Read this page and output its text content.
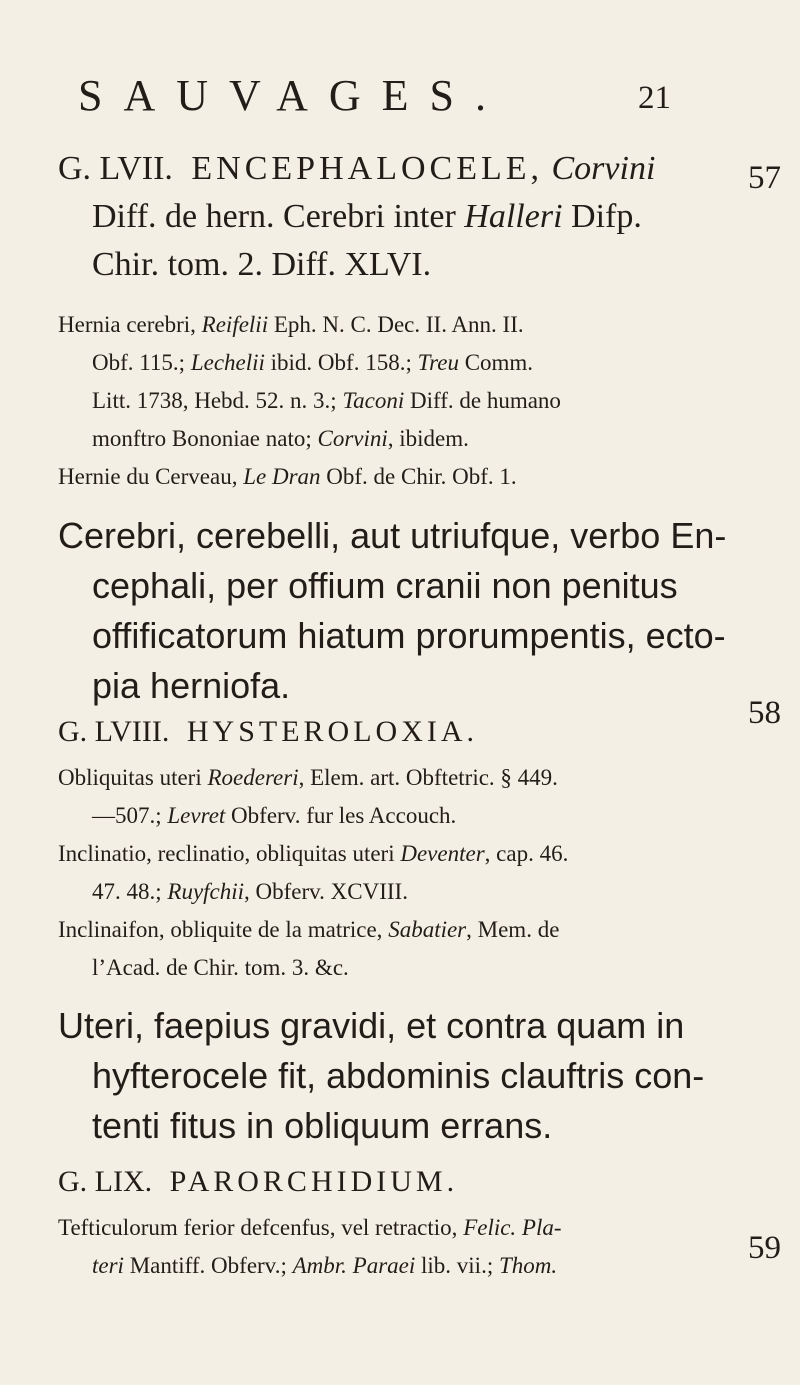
SAUVAGES.	21
57
58
59
G. LVII. ENCEPHALOCELE, Corvini
Diff. de hern. Cerebri inter Halleri Difp.
Chir. tom. 2. Diff. XLVI.
Hernia cerebri, Reifelii Eph. N. C. Dec. II. Ann. II.
Obf. 115.; Lechelii ibid. Obf. 158.; Treu Comm.
Litt. 1738, Hebd. 52. n. 3.; Taconi Diff. de humano
monftro Bononiae nato; Corvini, ibidem.
Hernie du Cerveau, Le Dran Obf. de Chir. Obf. 1.
Cerebri, cerebelli, aut utriufque, verbo En-
cephali, per offium cranii non penitus
offificatorum hiatum prorumpentis, ecto-
pia herniofa.
G. LVIII. HYSTEROLOXIA.
Obliquitas uteri Roedereri, Elem. art. Obftetric. § 449.
—507.; Levret Obferv. fur les Accouch.
Inclinatio, reclinatio, obliquitas uteri Deventer, cap. 46.
47. 48.; Ruyfchii, Obferv. XCVIII.
Inclinaifon, obliquite de la matrice, Sabatier, Mem. de
l’Acad. de Chir. tom. 3. &c.
Uteri, faepius gravidi, et contra quam in
hyfterocele fit, abdominis clauftris con-
tenti fitus in obliquum errans.
G. LIX. PARORCHIDIUM.
Tefticulorum ferior defcenfus, vel retractio, Felic. Pla-
teri Mantiff. Obferv.; Ambr. Paraei lib. vii.; Thom.
